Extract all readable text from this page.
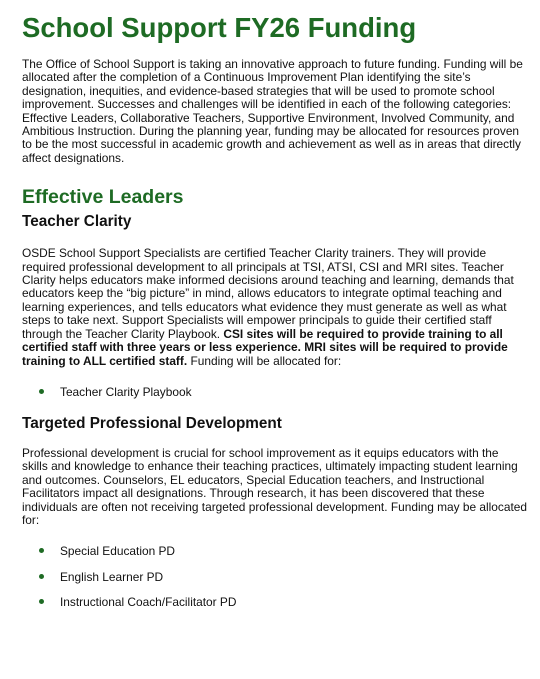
School Support FY26 Funding

The Office of School Support is taking an innovative approach to future funding. Funding will be allocated after the completion of a Continuous Improvement Plan identifying the site’s designation, inequities, and evidence-based strategies that will be used to promote school improvement. Successes and challenges will be identified in each of the following categories: Effective Leaders, Collaborative Teachers, Supportive Environment, Involved Community, and Ambitious Instruction. During the planning year, funding may be allocated for resources proven to be the most successful in academic growth and achievement as well as in areas that directly affect designations.

Effective Leaders
Teacher Clarity

OSDE School Support Specialists are certified Teacher Clarity trainers. They will provide required professional development to all principals at TSI, ATSI, CSI and MRI sites. Teacher Clarity helps educators make informed decisions around teaching and learning, demands that educators keep the “big picture” in mind, allows educators to integrate optimal teaching and learning experiences, and tells educators what evidence they must generate as well as what steps to take next. Support Specialists will empower principals to guide their certified staff through the Teacher Clarity Playbook. CSI sites will be required to provide training to all certified staff with three years or less experience. MRI sites will be required to provide training to ALL certified staff. Funding will be allocated for:

Teacher Clarity Playbook
Targeted Professional Development

Professional development is crucial for school improvement as it equips educators with the skills and knowledge to enhance their teaching practices, ultimately impacting student learning and outcomes. Counselors, EL educators, Special Education teachers, and Instructional Facilitators impact all designations. Through research, it has been discovered that these individuals are often not receiving targeted professional development. Funding may be allocated for:

Special Education PD
English Learner PD
Instructional Coach/Facilitator PD
